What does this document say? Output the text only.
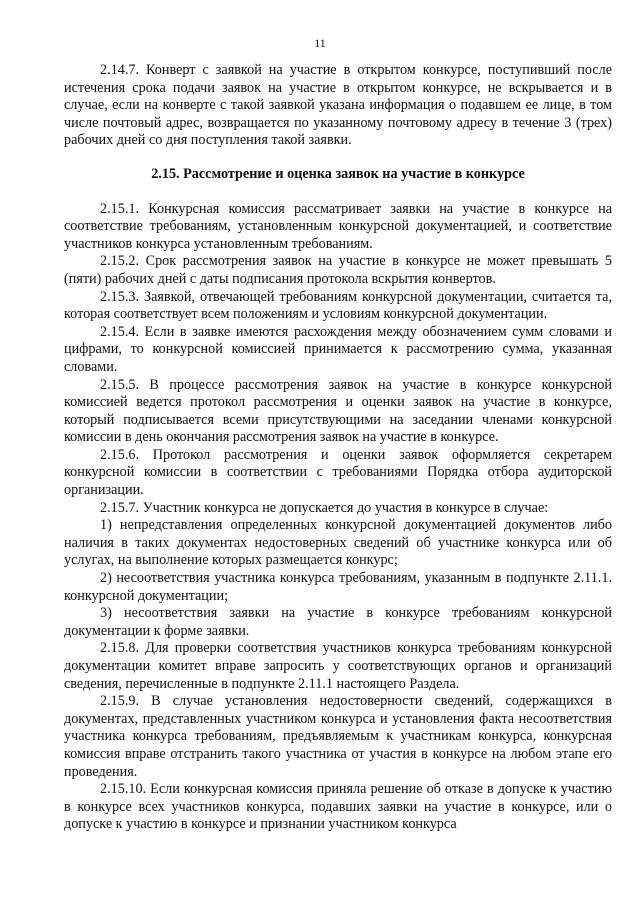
11

2.14.7. Конверт с заявкой на участие в открытом конкурсе, поступивший после истечения срока подачи заявок на участие в открытом конкурсе, не вскрывается и в случае, если на конверте с такой заявкой указана информация о подавшем ее лице, в том числе почтовый адрес, возвращается по указанному почтовому адресу в течение 3 (трех) рабочих дней со дня поступления такой заявки.

2.15. Рассмотрение и оценка заявок на участие в конкурсе

2.15.1. Конкурсная комиссия рассматривает заявки на участие в конкурсе на соответствие требованиям, установленным конкурсной документацией, и соответствие участников конкурса установленным требованиям.

2.15.2. Срок рассмотрения заявок на участие в конкурсе не может превышать 5 (пяти) рабочих дней с даты подписания протокола вскрытия конвертов.

2.15.3. Заявкой, отвечающей требованиям конкурсной документации, считается та, которая соответствует всем положениям и условиям конкурсной документации.

2.15.4. Если в заявке имеются расхождения между обозначением сумм словами и цифрами, то конкурсной комиссией принимается к рассмотрению сумма, указанная словами.

2.15.5. В процессе рассмотрения заявок на участие в конкурсе конкурсной комиссией ведется протокол рассмотрения и оценки заявок на участие в конкурсе, который подписывается всеми присутствующими на заседании членами конкурсной комиссии в день окончания рассмотрения заявок на участие в конкурсе.

2.15.6. Протокол рассмотрения и оценки заявок оформляется секретарем конкурсной комиссии в соответствии с требованиями Порядка отбора аудиторской организации.

2.15.7. Участник конкурса не допускается до участия в конкурсе в случае:

1) непредставления определенных конкурсной документацией документов либо наличия в таких документах недостоверных сведений об участнике конкурса или об услугах, на выполнение которых размещается конкурс;

2) несоответствия участника конкурса требованиям, указанным в подпункте 2.11.1. конкурсной документации;

3) несоответствия заявки на участие в конкурсе требованиям конкурсной документации к форме заявки.

2.15.8. Для проверки соответствия участников конкурса требованиям конкурсной документации комитет вправе запросить у соответствующих органов и организаций сведения, перечисленные в подпункте 2.11.1 настоящего Раздела.

2.15.9. В случае установления недостоверности сведений, содержащихся в документах, представленных участником конкурса и установления факта несоответствия участника конкурса требованиям, предъявляемым к участникам конкурса, конкурсная комиссия вправе отстранить такого участника от участия в конкурсе на любом этапе его проведения.

2.15.10. Если конкурсная комиссия приняла решение об отказе в допуске к участию в конкурсе всех участников конкурса, подавших заявки на участие в конкурсе, или о допуске к участию в конкурсе и признании участником конкурса
